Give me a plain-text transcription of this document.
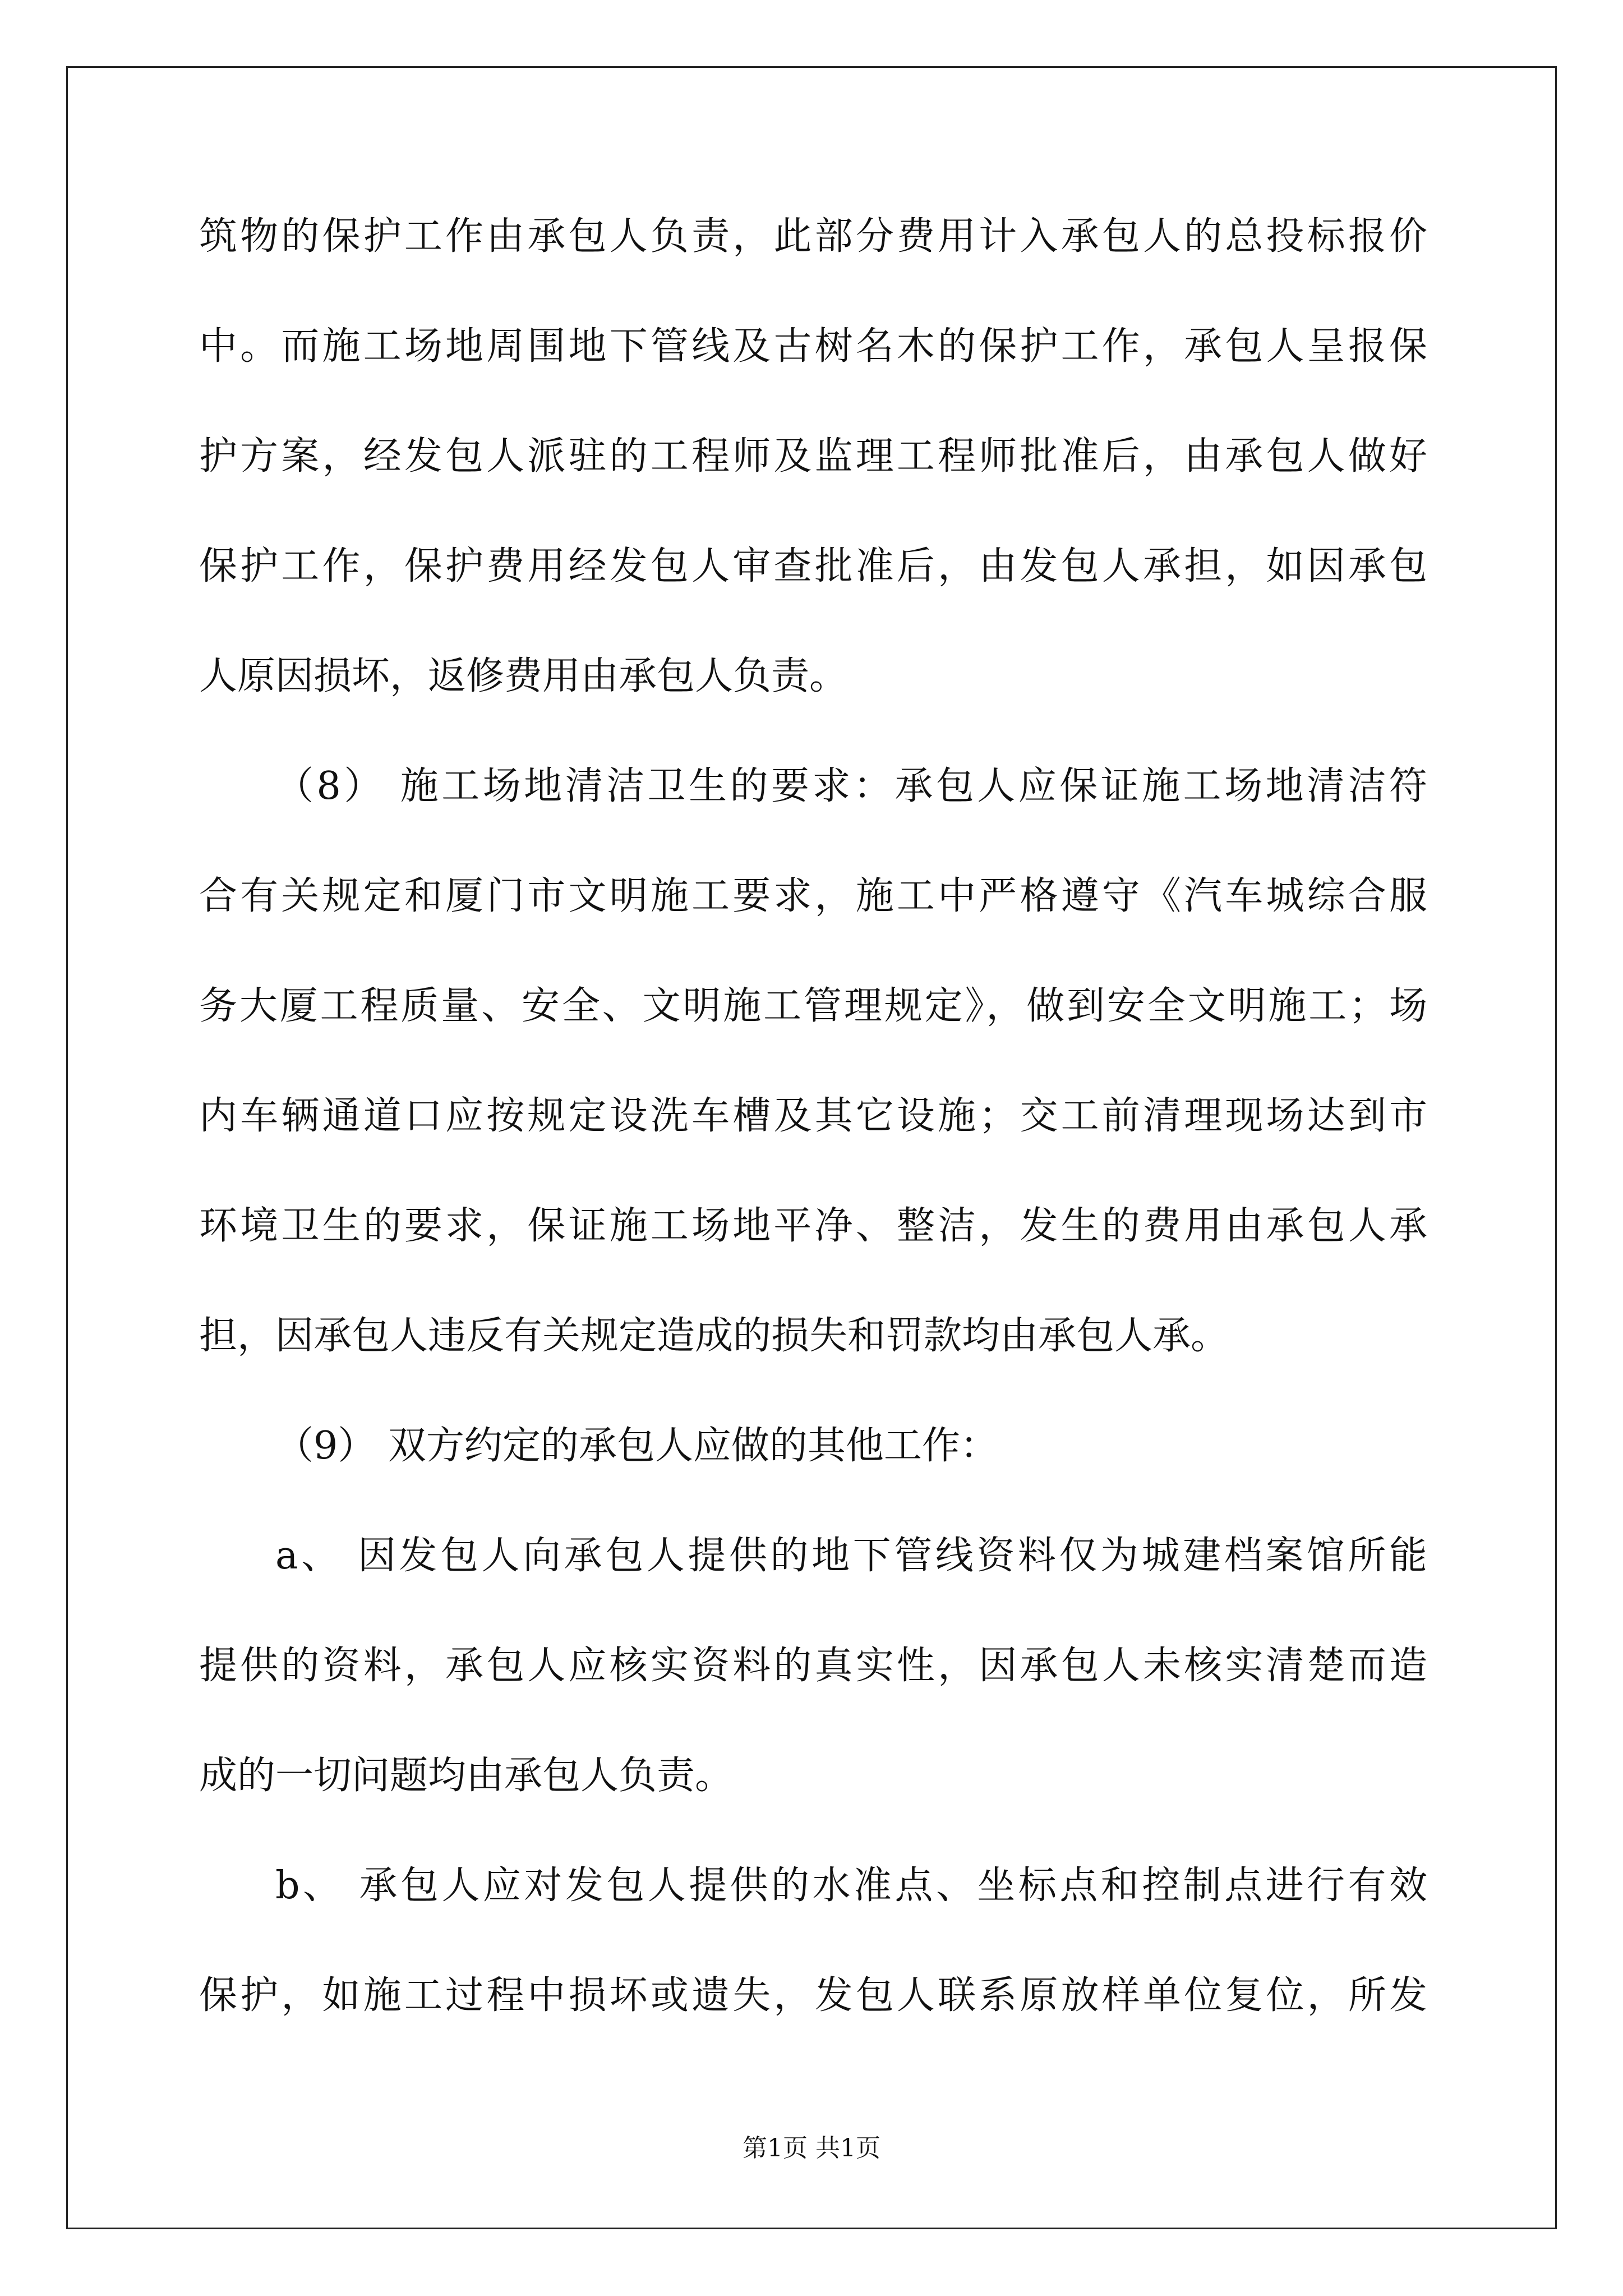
筑物的保护工作由承包人负责，此部分费用计入承包人的总投标报价
中。而施工场地周围地下管线及古树名木的保护工作，承包人呈报保
护方案，经发包人派驻的工程师及监理工程师批准后，由承包人做好
保护工作，保护费用经发包人审查批准后，由发包人承担，如因承包
人原因损坏，返修费用由承包人负责。
（8） 施工场地清洁卫生的要求：承包人应保证施工场地清洁符
合有关规定和厦门市文明施工要求，施工中严格遵守《汽车城综合服
务大厦工程质量、安全、文明施工管理规定》，做到安全文明施工；场
内车辆通道口应按规定设洗车槽及其它设施；交工前清理现场达到市
环境卫生的要求，保证施工场地平净、整洁，发生的费用由承包人承
担，因承包人违反有关规定造成的损失和罚款均由承包人承。
（9） 双方约定的承包人应做的其他工作：
a、 因发包人向承包人提供的地下管线资料仅为城建档案馆所能
提供的资料，承包人应核实资料的真实性，因承包人未核实清楚而造
成的一切问题均由承包人负责。
b、 承包人应对发包人提供的水准点、坐标点和控制点进行有效
保护，如施工过程中损坏或遗失，发包人联系原放样单位复位，所发
第1页 共1页
